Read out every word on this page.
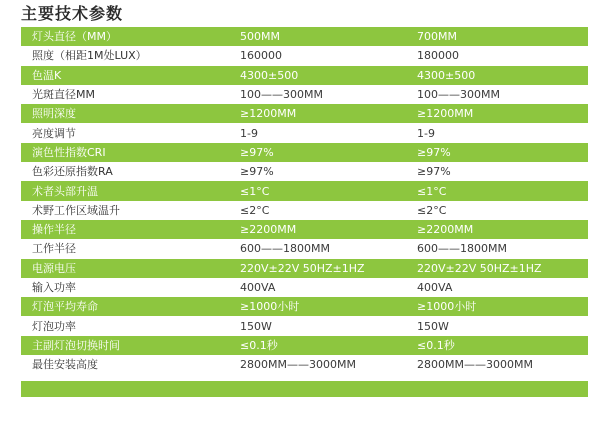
主要技术参数
灯头直径（MM）	500MM	700MM
照度（相距1M处LUX）	160000	180000
色温K	4300±500	4300±500
光斑直径MM	100——300MM	100——300MM
照明深度	≥1200MM	≥1200MM
亮度调节	1-9	1-9
演色性指数CRI	≥97%	≥97%
色彩还原指数RA	≥97%	≥97%
术者头部升温	≤1°C	≤1°C
术野工作区域温升	≤2°C	≤2°C
操作半径	≥2200MM	≥2200MM
工作半径	600——1800MM	600——1800MM
电源电压	220V±22V 50HZ±1HZ	220V±22V 50HZ±1HZ
输入功率	400VA	400VA
灯泡平均寿命	≥1000小时	≥1000小时
灯泡功率	150W	150W
主副灯泡切换时间	≤0.1秒	≤0.1秒
最佳安装高度	2800MM——3000MM	2800MM——3000MM
